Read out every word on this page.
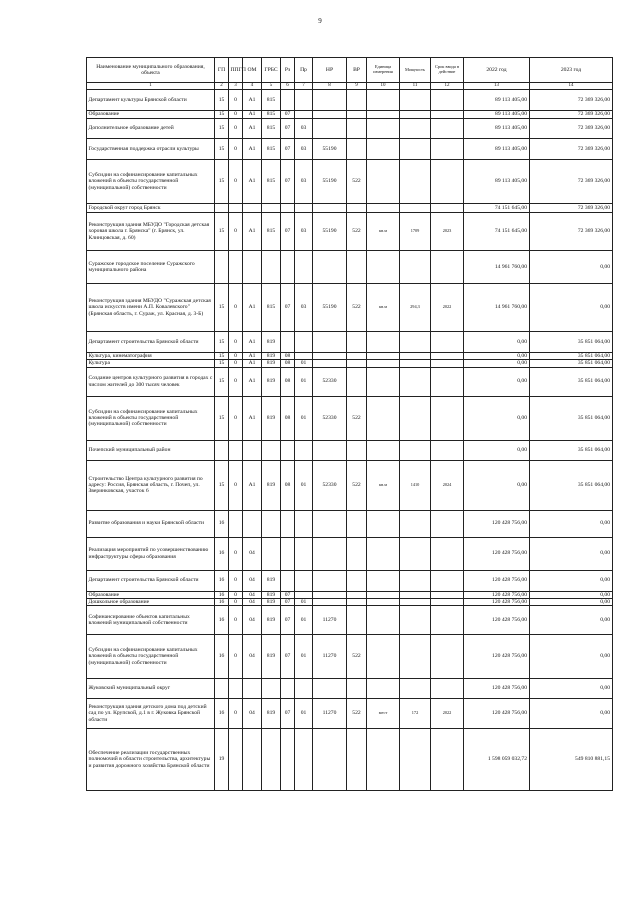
9
Наименование муниципального образования, объекта	ГП	ППГП	ОМ	ГРБС	Рз	Пр	НР	ВР	Единица измерения	Мощность	Срок ввода в действие	2022 год	2023 год
1	2	3	4	5	6	7	8	9	10	11	12	13	14
Департамент культуры Брянской области	15	0	А1	815								89 113 405,00	72 369 326,00
Образование	15	0	А1	815	07							89 113 405,00	72 369 326,00
Дополнительное образование детей	15	0	А1	815	07	03						89 113 405,00	72 369 326,00
Государственная поддержка отрасли культуры	15	0	А1	815	07	03	55190					89 113 405,00	72 369 326,00
Субсидии на софинансирование капитальных вложений в объекты государственной (муниципальной) собственности	15	0	А1	815	07	03	55190	522				89 113 405,00	72 369 326,00
Городской округ город Брянск												74 151 645,00	72 369 326,00
Реконструкция здания МБУДО "Городская детская хоровая школа г. Брянска" (г. Брянск, ул. Клинцовская, д. 60)	15	0	А1	815	07	03	55190	522	кв.м	1709	2023	74 151 645,00	72 369 326,00
Суражское городское поселение Суражского муниципального района												14 961 760,00	0,00
Реконструкция здания МБУДО "Суражская детская школа искусств имени А.П. Ковалевского" (Брянская область, г. Сураж, ул. Красная, д. 3-Б)	15	0	А1	815	07	03	55190	522	кв.м	294,3	2022	14 961 760,00	0,00
Департамент строительства Брянской области	15	0	А1	819								0,00	35 851 064,00
Культура, кинематография	15	0	А1	819	08							0,00	35 851 064,00
Культура	15	0	А1	819	08	01						0,00	35 851 064,00
Создание центров культурного развития в городах с числом жителей до 300 тысяч человек	15	0	А1	819	08	01	52330					0,00	35 851 064,00
Субсидии на софинансирование капитальных вложений в объекты государственной (муниципальной) собственности	15	0	А1	819	08	01	52330	522				0,00	35 851 064,00
Почепский муниципальный район												0,00	35 851 064,00
Строительство Центра культурного развития по адресу: Россия, Брянская область, г. Почеп, ул. Зверинковская, участок 6	15	0	А1	819	08	01	52330	522	кв.м	1410	2024	0,00	35 851 064,00
Развитие образования и науки Брянской области	16											120 428 756,00	0,00
Реализация мероприятий по усовершенствованию инфраструктуры сферы образования	16	0	04									120 428 756,00	0,00
Департамент строительства Брянской области	16	0	04	819								120 428 756,00	0,00
Образование	16	0	04	819	07							120 428 756,00	0,00
Дошкольное образование	16	0	04	819	07	01						120 428 756,00	0,00
Софинансирование объектов капитальных вложений муниципальной собственности	16	0	04	819	07	01	11270					120 428 756,00	0,00
Субсидии на софинансирование капитальных вложений в объекты государственной (муниципальной) собственности	16	0	04	819	07	01	11270	522				120 428 756,00	0,00
Жуковский муниципальный округ												120 428 756,00	0,00
Реконструкция здания детского дома под детский сад по ул. Крупской, д.1 в г. Жуковка Брянской области	16	0	04	819	07	01	11270	522	мест	172	2022	120 428 756,00	0,00
Обеспечение реализации государственных полномочий в области строительства, архитектуры и развития дорожного хозяйства Брянской области	19											1 598 059 032,72	549 810 881,15
